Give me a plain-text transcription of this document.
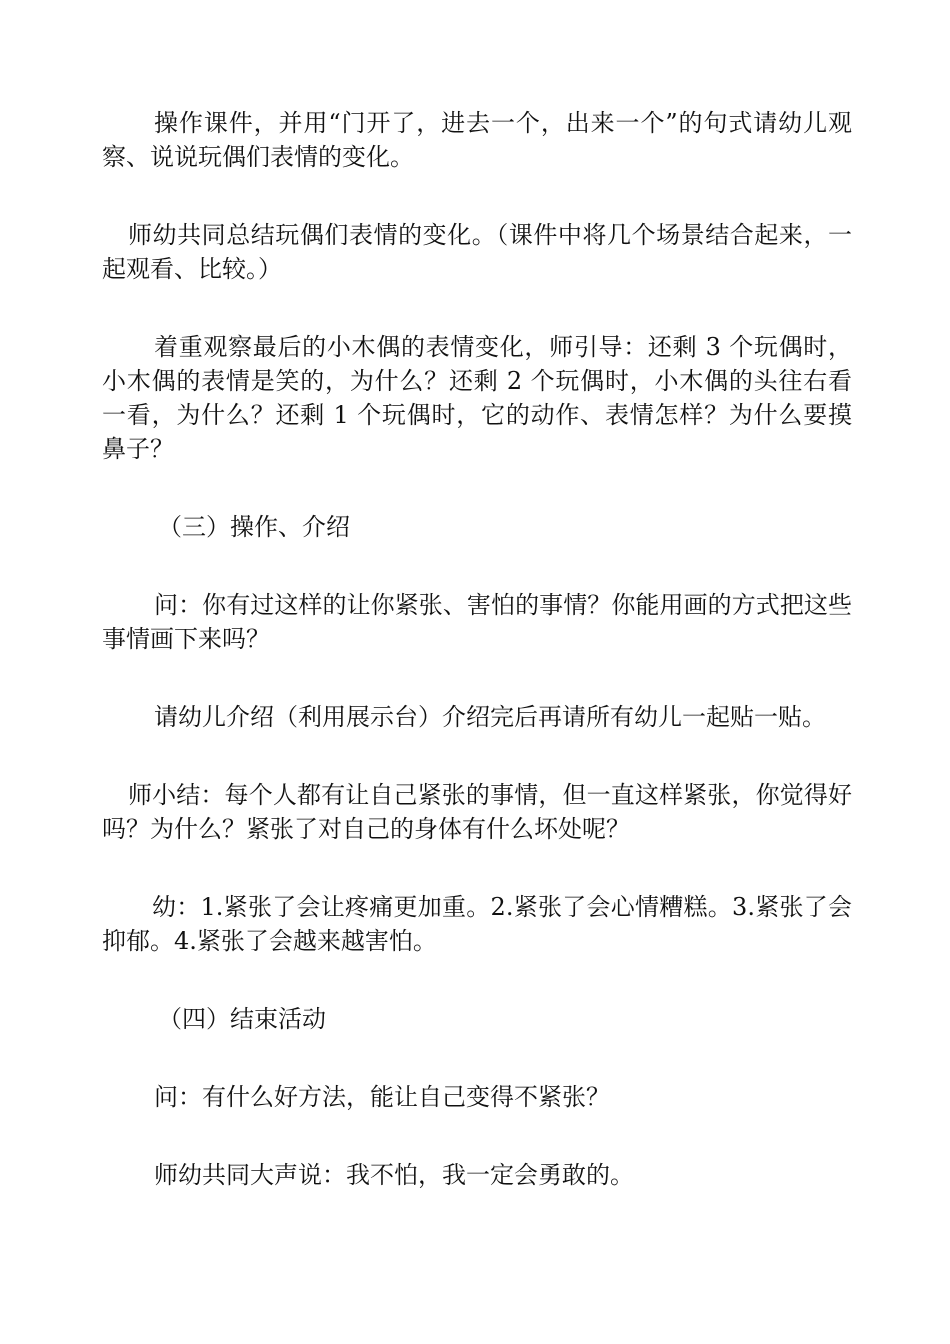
操作课件，并用“门开了，进去一个，出来一个”的句式请幼儿观察、说说玩偶们表情的变化。

师幼共同总结玩偶们表情的变化。（课件中将几个场景结合起来，一起观看、比较。）

着重观察最后的小木偶的表情变化，师引导：还剩 3 个玩偶时，小木偶的表情是笑的，为什么？还剩 2 个玩偶时，小木偶的头往右看一看，为什么？还剩 1 个玩偶时，它的动作、表情怎样？为什么要摸鼻子？

（三）操作、介绍

问：你有过这样的让你紧张、害怕的事情？你能用画的方式把这些事情画下来吗？

请幼儿介绍（利用展示台）介绍完后再请所有幼儿一起贴一贴。

师小结：每个人都有让自己紧张的事情，但一直这样紧张，你觉得好吗？为什么？紧张了对自己的身体有什么坏处呢？

幼：1.紧张了会让疼痛更加重。2.紧张了会心情糟糕。3.紧张了会抑郁。4.紧张了会越来越害怕。

（四）结束活动

问：有什么好方法，能让自己变得不紧张？

师幼共同大声说：我不怕，我一定会勇敢的。
